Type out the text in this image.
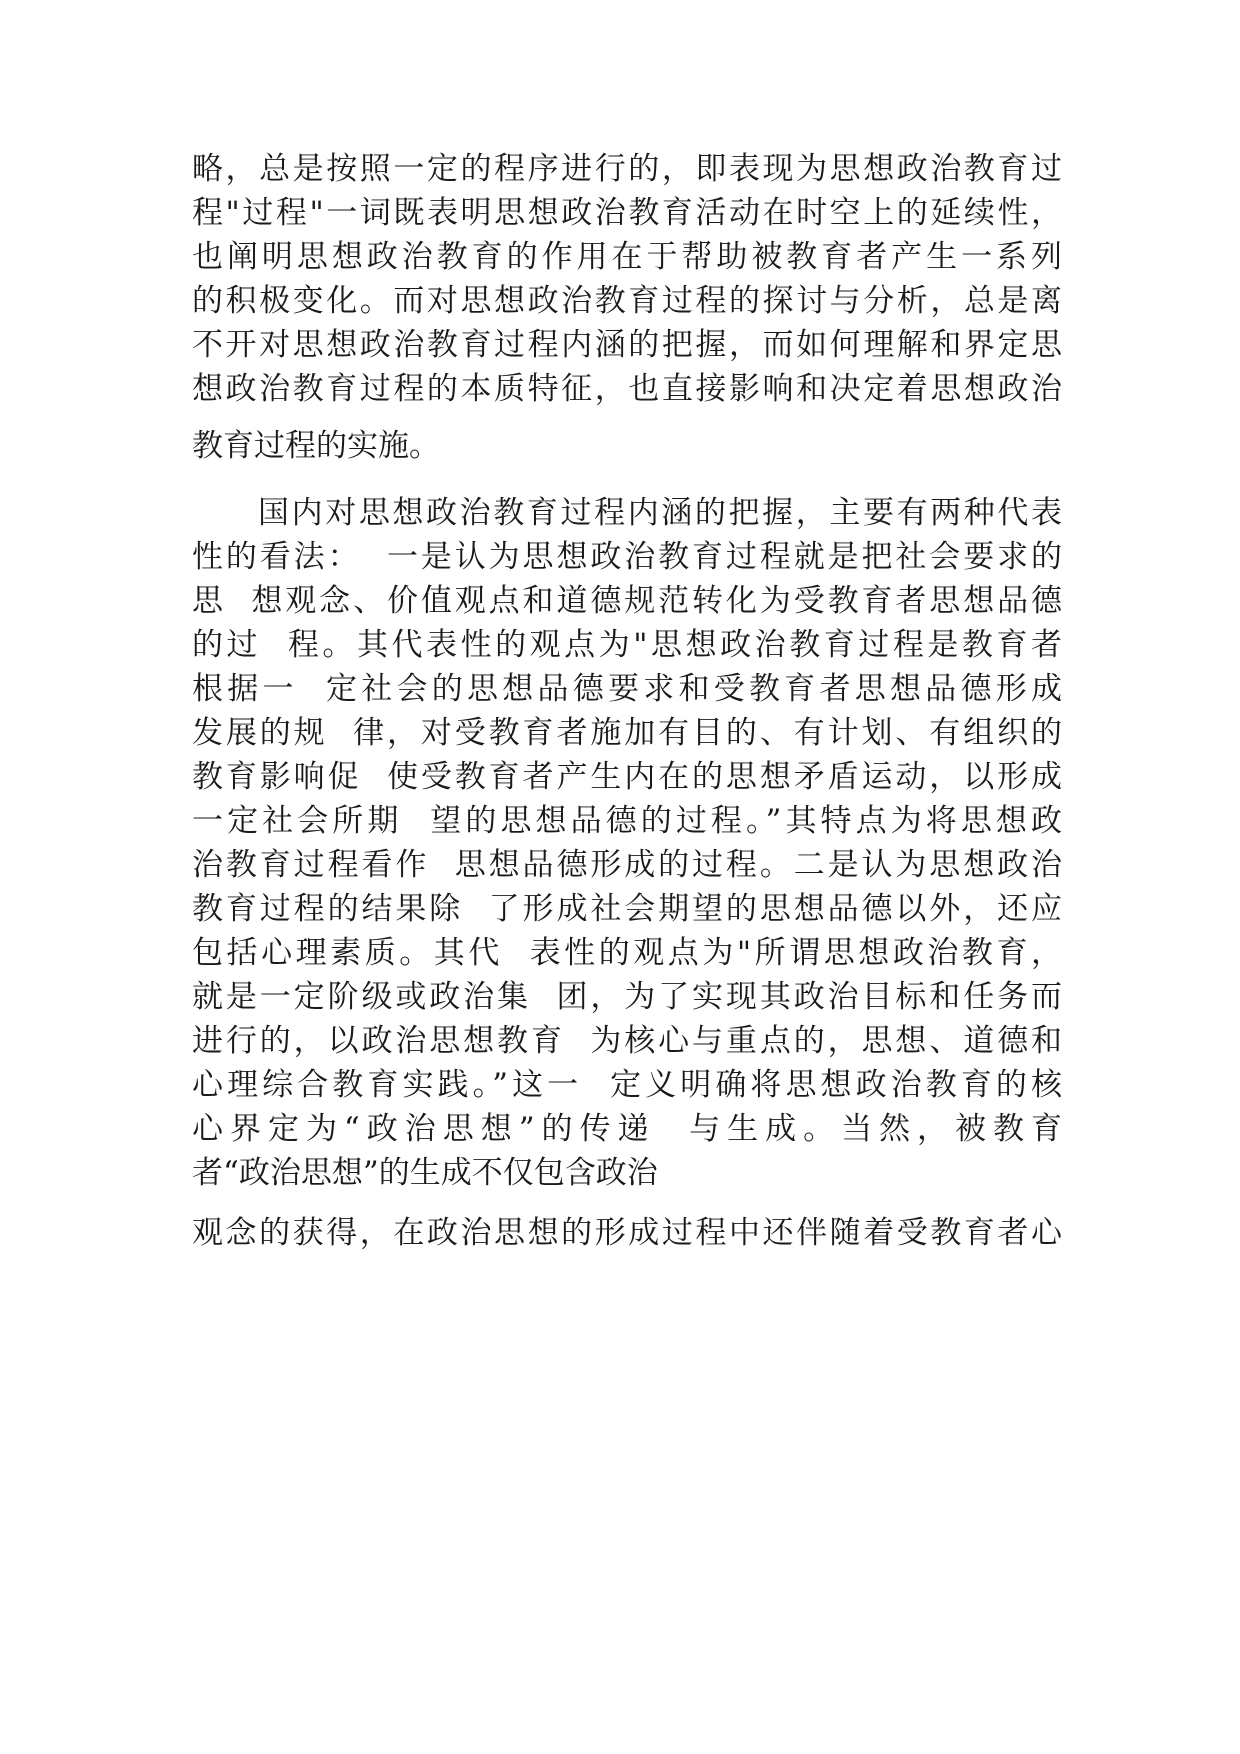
略，总是按照一定的程序进行的，即表现为思想政治教育过
程"过程"一词既表明思想政治教育活动在时空上的延续性，
也阐明思想政治教育的作用在于帮助被教育者产生一系列
的积极变化。而对思想政治教育过程的探讨与分析，总是离
不开对思想政治教育过程内涵的把握，而如何理解和界定思
想政治教育过程的本质特征，也直接影响和决定着思想政治
教育过程的实施。
国内对思想政治教育过程内涵的把握，主要有两种代表
性的看法：  一是认为思想政治教育过程就是把社会要求的
思  想观念、价值观点和道德规范转化为受教育者思想品德
的过  程。其代表性的观点为"思想政治教育过程是教育者
根据一  定社会的思想品德要求和受教育者思想品德形成
发展的规  律，对受教育者施加有目的、有计划、有组织的
教育影响促  使受教育者产生内在的思想矛盾运动，以形成
一定社会所期  望的思想品德的过程。”其特点为将思想政
治教育过程看作  思想品德形成的过程。二是认为思想政治
教育过程的结果除  了形成社会期望的思想品德以外，还应
包括心理素质。其代  表性的观点为"所谓思想政治教育，
就是一定阶级或政治集  团，为了实现其政治目标和任务而
进行的，以政治思想教育  为核心与重点的，思想、道德和
心理综合教育实践。”这一  定义明确将思想政治教育的核
心界定为“政治思想”的传递  与生成。当然，被教育
者“政治思想”的生成不仅包含政治
观念的获得，在政治思想的形成过程中还伴随着受教育者心
